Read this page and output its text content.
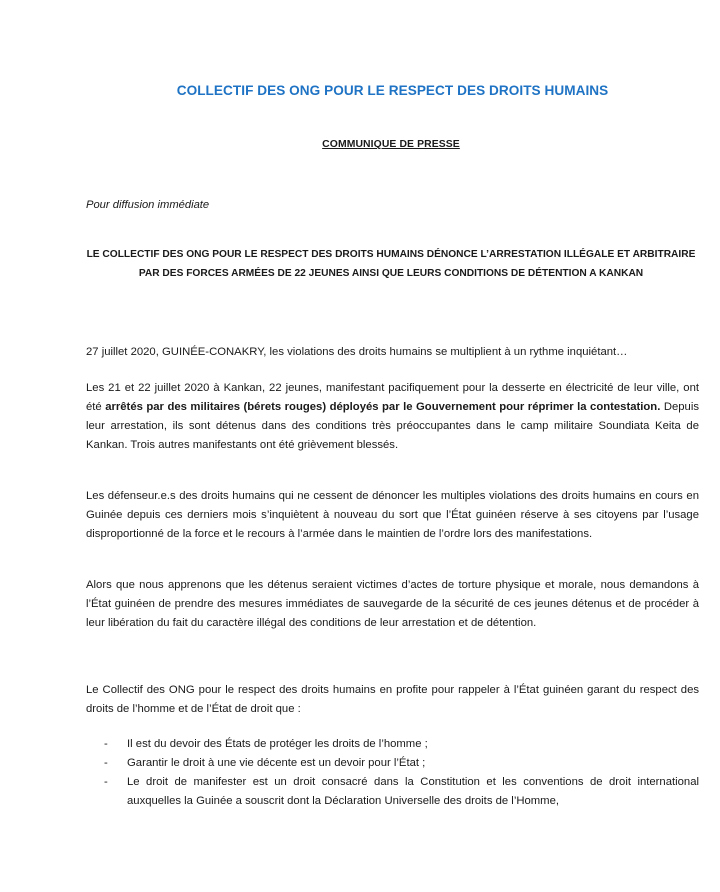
COLLECTIF DES ONG POUR LE RESPECT DES DROITS HUMAINS
COMMUNIQUE DE PRESSE
Pour diffusion immédiate
LE COLLECTIF DES ONG POUR LE RESPECT DES DROITS HUMAINS DÉNONCE L’ARRESTATION ILLÉGALE ET ARBITRAIRE PAR DES FORCES ARMÉES DE 22 JEUNES AINSI QUE LEURS CONDITIONS DE DÉTENTION A KANKAN
27 juillet 2020, GUINÉE-CONAKRY, les violations des droits humains se multiplient à un rythme inquiétant…
Les 21 et 22 juillet 2020 à Kankan, 22 jeunes, manifestant pacifiquement pour la desserte en électricité de leur ville, ont été arrêtés par des militaires (bérets rouges) déployés par le Gouvernement pour réprimer la contestation. Depuis leur arrestation, ils sont détenus dans des conditions très préoccupantes dans le camp militaire Soundiata Keita de Kankan. Trois autres manifestants ont été grièvement blessés.
Les défenseur.e.s des droits humains qui ne cessent de dénoncer les multiples violations des droits humains en cours en Guinée depuis ces derniers mois s’inquiètent à nouveau du sort que l’État guinéen réserve à ses citoyens par l’usage disproportionné de la force et le recours à l’armée dans le maintien de l’ordre lors des manifestations.
Alors que nous apprenons que les détenus seraient victimes d’actes de torture physique et morale, nous demandons à l’État guinéen de prendre des mesures immédiates de sauvegarde de la sécurité de ces jeunes détenus et de procéder à leur libération du fait du caractère illégal des conditions de leur arrestation et de détention.
Le Collectif des ONG pour le respect des droits humains en profite pour rappeler à l’État guinéen garant du respect des droits de l’homme et de l’État de droit que :
- Il est du devoir des États de protéger les droits de l’homme ;
- Garantir le droit à une vie décente est un devoir pour l’État ;
- Le droit de manifester est un droit consacré dans la Constitution et les conventions de droit international auxquelles la Guinée a souscrit dont la Déclaration Universelle des droits de l’Homme,
